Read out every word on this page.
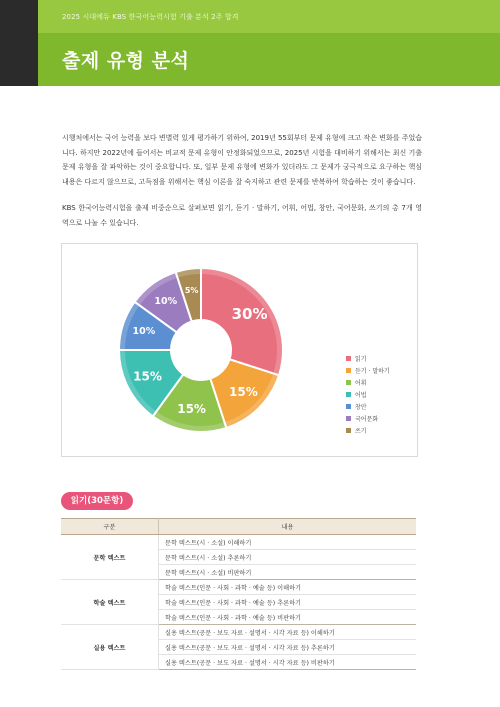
2025 시대에듀 KBS 한국어능력시험 기출 분석 2주 합격
출제 유형 분석

시행처에서는 국어 능력을 보다 변별력 있게 평가하기 위하여, 2019년 55회부터 문제 유형에 크고 작은 변화를 주었습니다. 하지만 2022년에 들어서는 비교적 문제 유형이 안정화되었으므로, 2025년 시험을 대비하기 위해서는 최신 기출문제 유형을 잘 파악하는 것이 중요합니다. 또, 일부 문제 유형에 변화가 있더라도 그 문제가 궁극적으로 요구하는 핵심 내용은 다르지 않으므로, 고득점을 위해서는 핵심 이론을 잘 숙지하고 관련 문제를 반복하여 학습하는 것이 좋습니다.

KBS 한국어능력시험을 출제 비중순으로 살펴보면 읽기, 듣기 · 말하기, 어휘, 어법, 창안, 국어문화, 쓰기의 총 7개 영역으로 나눌 수 있습니다.

30%
15%
15%
15%
10%
10%
5%
읽기
듣기 · 말하기
어휘
어법
창안
국어문화
쓰기
읽기(30문항)
구분	내용
문학 텍스트	문학 텍스트(시 · 소설) 이해하기
	문학 텍스트(시 · 소설) 추론하기
	문학 텍스트(시 · 소설) 비판하기
학술 텍스트	학술 텍스트(인문 · 사회 · 과학 · 예술 등) 이해하기
	학술 텍스트(인문 · 사회 · 과학 · 예술 등) 추론하기
	학술 텍스트(인문 · 사회 · 과학 · 예술 등) 비판하기
실용 텍스트	실용 텍스트(공문 · 보도 자료 · 설명서 · 시각 자료 등) 이해하기
	실용 텍스트(공문 · 보도 자료 · 설명서 · 시각 자료 등) 추론하기
	실용 텍스트(공문 · 보도 자료 · 설명서 · 시각 자료 등) 비판하기
